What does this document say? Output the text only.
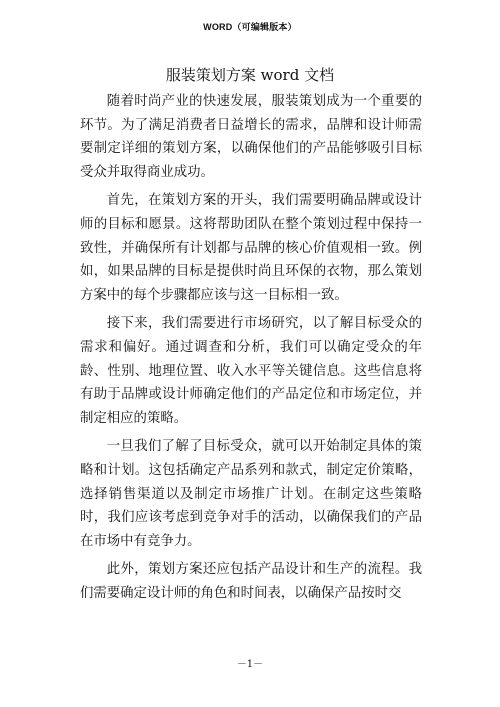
WORD（可编辑版本）
服装策划方案 word 文档

随着时尚产业的快速发展，服装策划成为一个重要的环节。为了满足消费者日益增长的需求，品牌和设计师需要制定详细的策划方案，以确保他们的产品能够吸引目标受众并取得商业成功。

首先，在策划方案的开头，我们需要明确品牌或设计师的目标和愿景。这将帮助团队在整个策划过程中保持一致性，并确保所有计划都与品牌的核心价值观相一致。例如，如果品牌的目标是提供时尚且环保的衣物，那么策划方案中的每个步骤都应该与这一目标相一致。

接下来，我们需要进行市场研究，以了解目标受众的需求和偏好。通过调查和分析，我们可以确定受众的年龄、性别、地理位置、收入水平等关键信息。这些信息将有助于品牌或设计师确定他们的产品定位和市场定位，并制定相应的策略。

一旦我们了解了目标受众，就可以开始制定具体的策略和计划。这包括确定产品系列和款式，制定定价策略，选择销售渠道以及制定市场推广计划。在制定这些策略时，我们应该考虑到竞争对手的活动，以确保我们的产品在市场中有竞争力。

此外，策划方案还应包括产品设计和生产的流程。我们需要确定设计师的角色和时间表，以确保产品按时交

－1－
